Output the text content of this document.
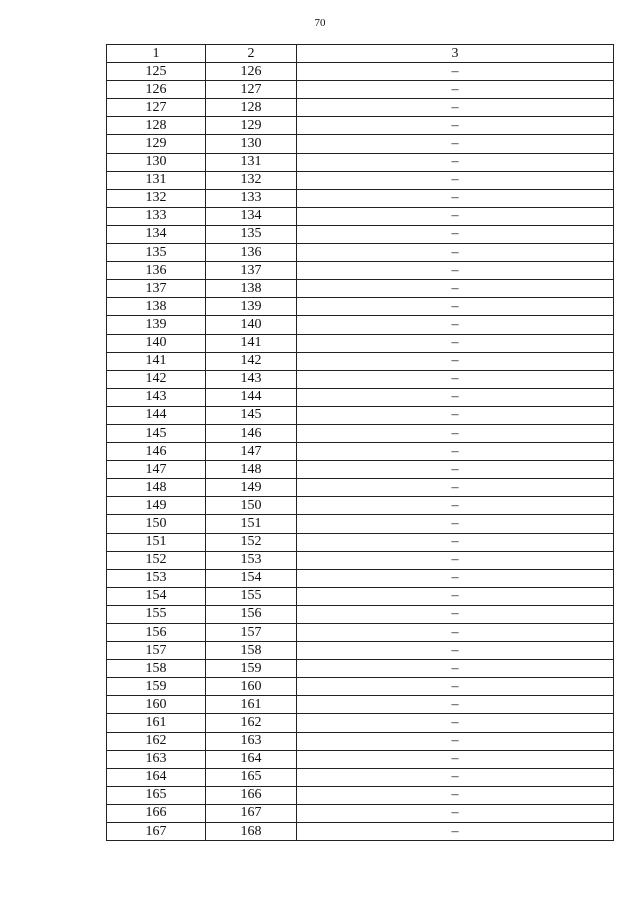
70
1	2	3
125	126	–
126	127	–
127	128	–
128	129	–
129	130	–
130	131	–
131	132	–
132	133	–
133	134	–
134	135	–
135	136	–
136	137	–
137	138	–
138	139	–
139	140	–
140	141	–
141	142	–
142	143	–
143	144	–
144	145	–
145	146	–
146	147	–
147	148	–
148	149	–
149	150	–
150	151	–
151	152	–
152	153	–
153	154	–
154	155	–
155	156	–
156	157	–
157	158	–
158	159	–
159	160	–
160	161	–
161	162	–
162	163	–
163	164	–
164	165	–
165	166	–
166	167	–
167	168	–
